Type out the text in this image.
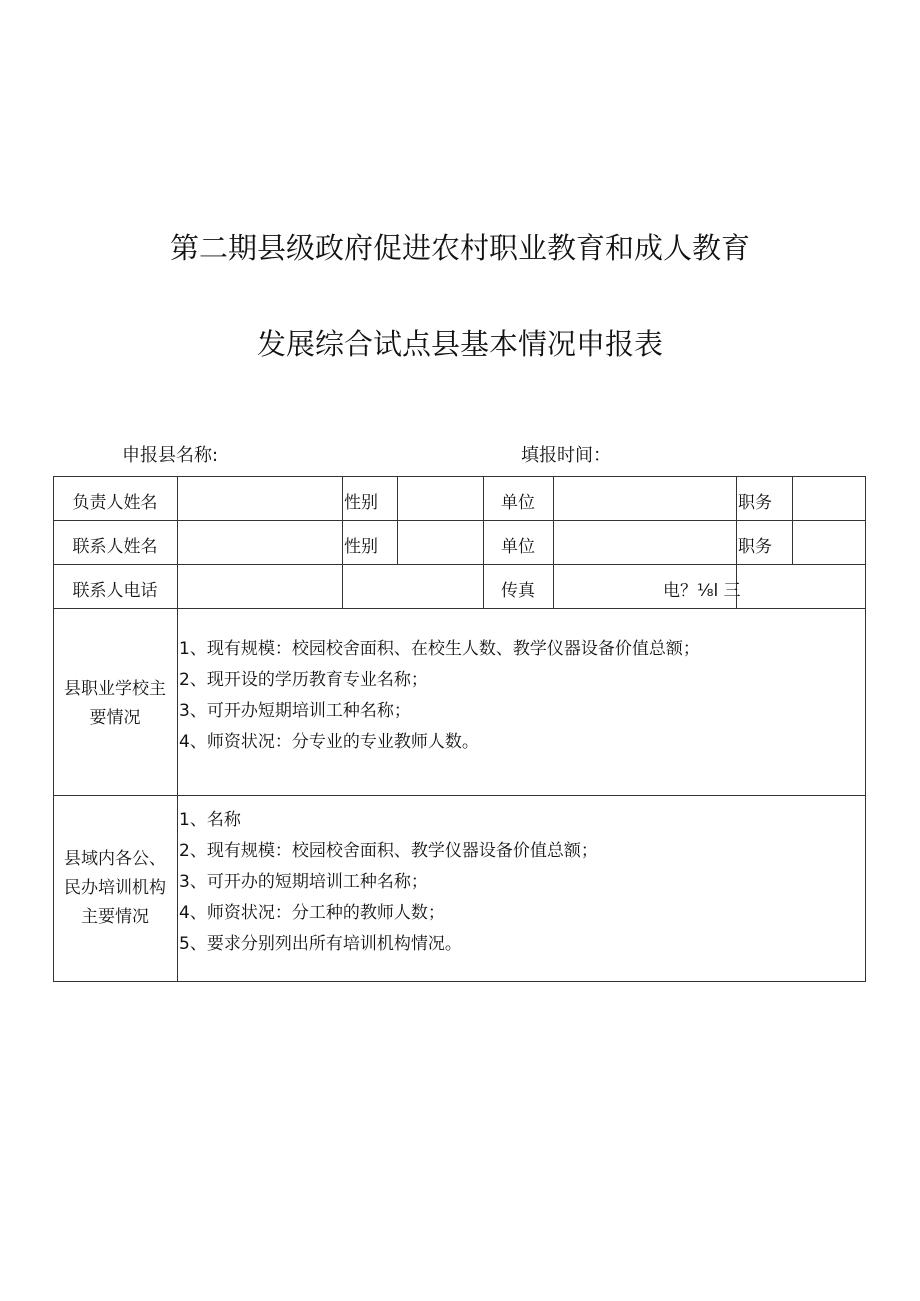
第二期县级政府促进农村职业教育和成人教育
发展综合试点县基本情况申报表
申报县名称:	填报时间：
负责人姓名	性别	单位	职务
联系人姓名	性别	单位	职务
联系人电话	传真	电？⅛l 三
县职业学校主
要情况
1、现有规模：校园校舍面积、在校生人数、教学仪器设备价值总额；
2、现开设的学历教育专业名称；
3、可开办短期培训工种名称；
4、师资状况：分专业的专业教师人数。
县域内各公、
民办培训机构
主要情况
1、名称
2、现有规模：校园校舍面积、教学仪器设备价值总额；
3、可开办的短期培训工种名称；
4、师资状况：分工种的教师人数；
5、要求分别列出所有培训机构情况。
